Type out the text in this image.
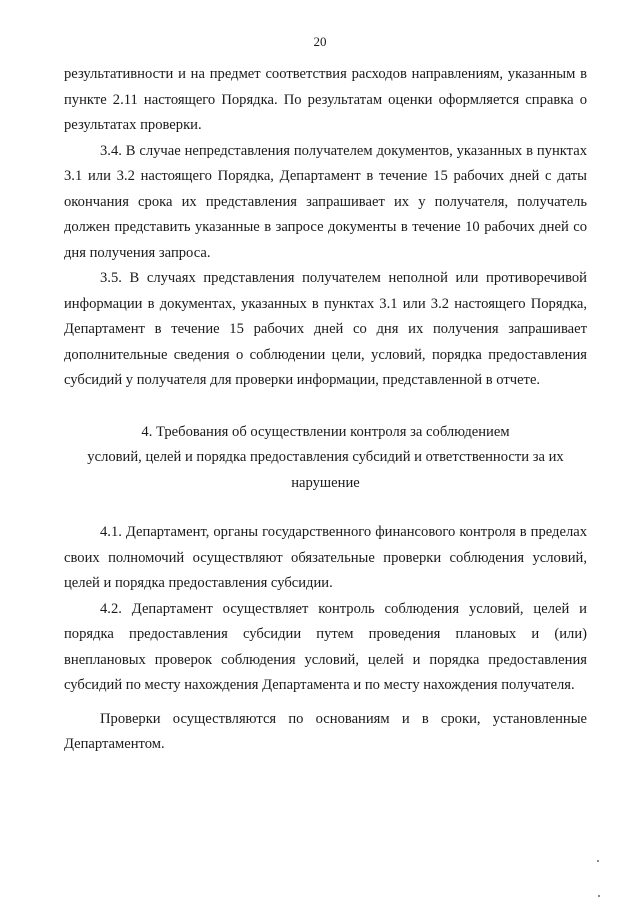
20

результативности и на предмет соответствия расходов направлениям, указанным в пункте 2.11 настоящего Порядка. По результатам оценки оформляется справка о результатах проверки.

3.4. В случае непредставления получателем документов, указанных в пунктах 3.1 или 3.2 настоящего Порядка, Департамент в течение 15 рабочих дней с даты окончания срока их представления запрашивает их у получателя, получатель должен представить указанные в запросе документы в течение 10 рабочих дней со дня получения запроса.

3.5. В случаях представления получателем неполной или противоречивой информации в документах, указанных в пунктах 3.1 или 3.2 настоящего Порядка, Департамент в течение 15 рабочих дней со дня их получения запрашивает дополнительные сведения о соблюдении цели, условий, порядка предоставления субсидий у получателя для проверки информации, представленной в отчете.

4. Требования об осуществлении контроля за соблюдением
условий, целей и порядка предоставления субсидий и ответственности за их
нарушение

4.1. Департамент, органы государственного финансового контроля в пределах своих полномочий осуществляют обязательные проверки соблюдения условий, целей и порядка предоставления субсидии.

4.2. Департамент осуществляет контроль соблюдения условий, целей и порядка предоставления субсидии путем проведения плановых и (или) внеплановых проверок соблюдения условий, целей и порядка предоставления субсидий по месту нахождения Департамента и по месту нахождения получателя.

Проверки осуществляются по основаниям и в сроки, установленные Департаментом.
